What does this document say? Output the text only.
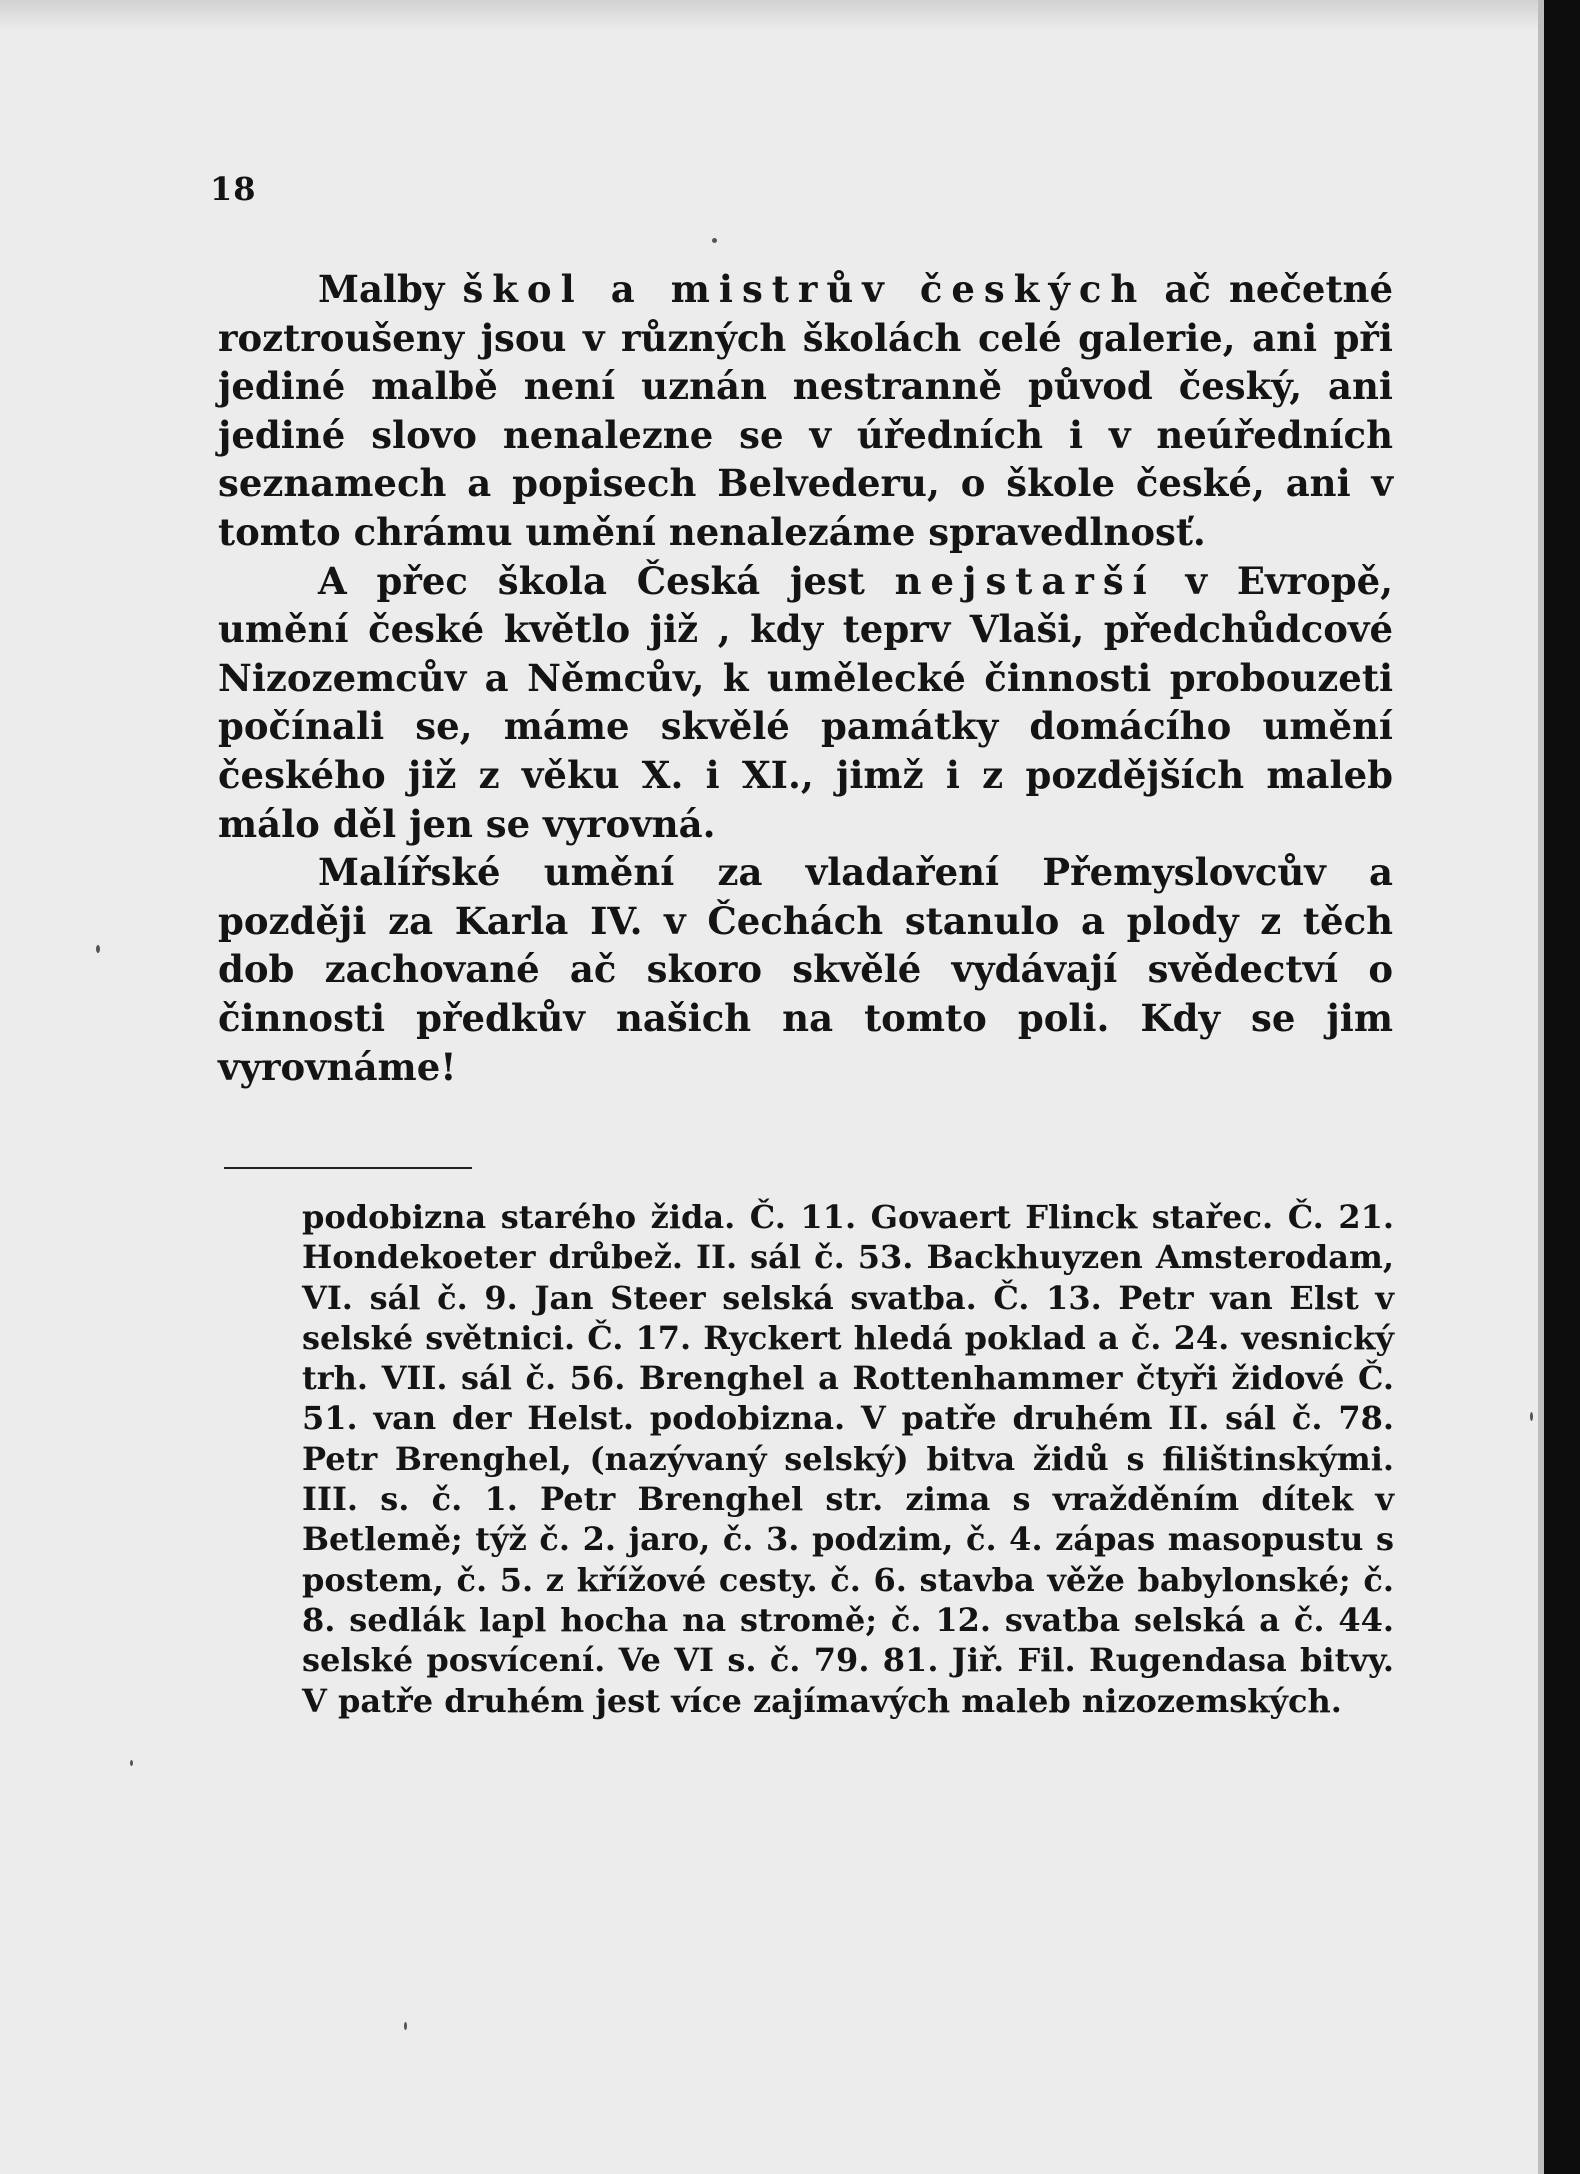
18

Malby škol a mistrův českých ač nečetné roztroušeny jsou v různých školách celé galerie, ani při jediné malbě není uznán nestranně původ český, ani jediné slovo nenalezne se v úředních i v neúředních seznamech a popisech Belvederu, o škole české, ani v tomto chrámu umění nenalezáme spravedlnosť.

A přec škola Česká jest nejstarší v Evropě, umění české květlo již , kdy teprv Vlaši, předchůdcové Nizozemcův a Němcův, k umělecké činnosti probouzeti počínali se, máme skvělé památky domácího umění českého již z věku X. i XI., jimž i z pozdějších maleb málo děl jen se vyrovná.

Malířské umění za vladaření Přemyslovcův a později za Karla IV. v Čechách stanulo a plody z těch dob zachované ač skoro skvělé vydávají svědectví o činnosti předkův našich na tomto poli. Kdy se jim vyrovnáme!

podobizna starého žida. Č. 11. Govaert Flinck stařec. Č. 21. Hondekoeter drůbež. II. sál č. 53. Backhuyzen Amsterodam, VI. sál č. 9. Jan Steer selská svatba. Č. 13. Petr van Elst v selské světnici. Č. 17. Ryckert hledá poklad a č. 24. vesnický trh. VII. sál č. 56. Brenghel a Rottenhammer čtyři židové Č. 51. van der Helst. podobizna. V patře druhém II. sál č. 78. Petr Brenghel, (nazývaný selský) bitva židů s filištinskými. III. s. č. 1. Petr Brenghel str. zima s vražděním dítek v Betlemě; týž č. 2. jaro, č. 3. podzim, č. 4. zápas masopustu s postem, č. 5. z křížové cesty. č. 6. stavba věže babylonské; č. 8. sedlák lapl hocha na stromě; č. 12. svatba selská a č. 44. selské posvícení. Ve VI s. č. 79. 81. Jiř. Fil. Rugendasa bitvy. V patře druhém jest více zajímavých maleb nizozemských.
